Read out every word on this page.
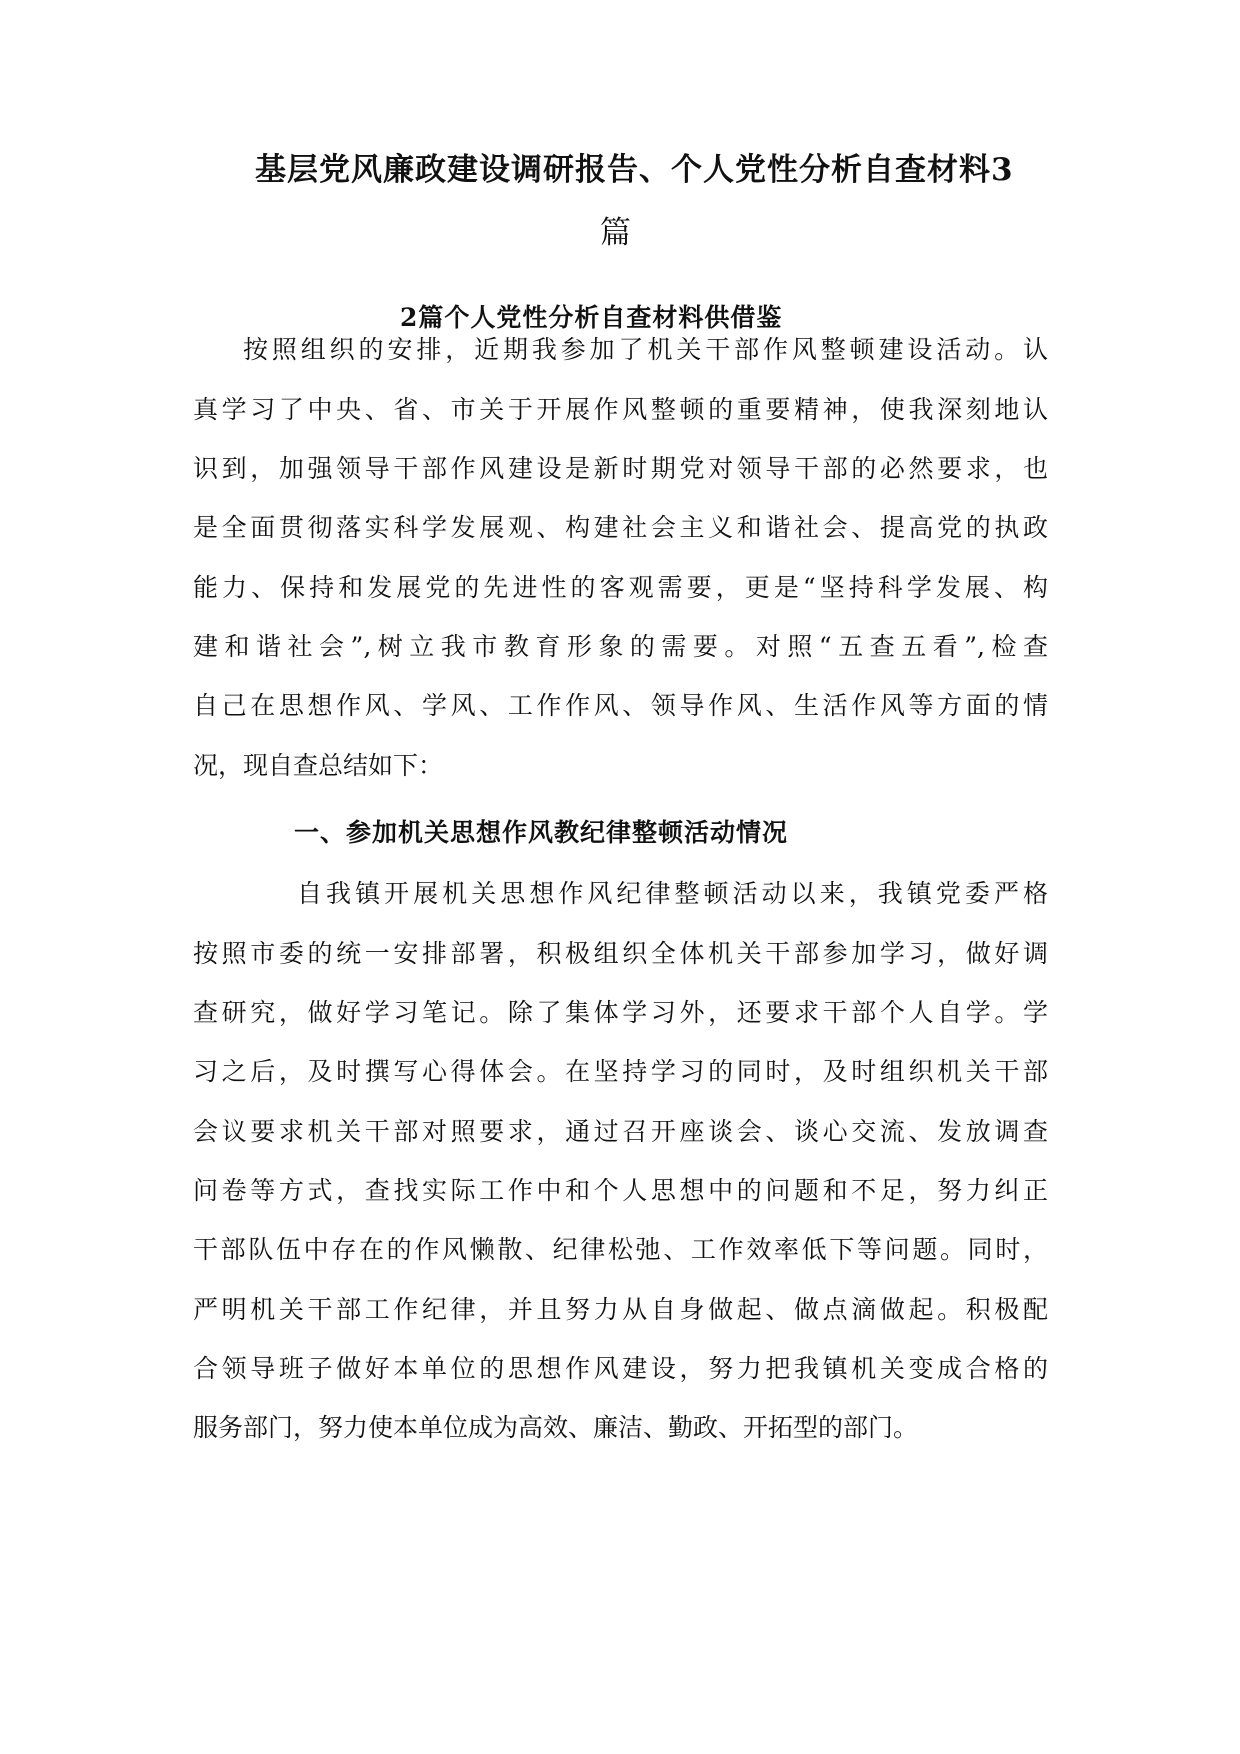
基层党风廉政建设调研报告、个人党性分析自查材料3
篇
2篇个人党性分析自查材料供借鉴
按照组织的安排，近期我参加了机关干部作风整顿建设活动。认
真学习了中央、省、市关于开展作风整顿的重要精神，使我深刻地认
识到，加强领导干部作风建设是新时期党对领导干部的必然要求，也
是全面贯彻落实科学发展观、构建社会主义和谐社会、提高党的执政
能力、保持和发展党的先进性的客观需要，更是“坚持科学发展、构
建和谐社会”,树立我市教育形象的需要。对照“五查五看”,检查
自己在思想作风、学风、工作作风、领导作风、生活作风等方面的情
况，现自查总结如下：
一、参加机关思想作风教纪律整顿活动情况
自我镇开展机关思想作风纪律整顿活动以来，我镇党委严格
按照市委的统一安排部署，积极组织全体机关干部参加学习，做好调
查研究，做好学习笔记。除了集体学习外，还要求干部个人自学。学
习之后，及时撰写心得体会。在坚持学习的同时，及时组织机关干部
会议要求机关干部对照要求，通过召开座谈会、谈心交流、发放调查
问卷等方式，查找实际工作中和个人思想中的问题和不足，努力纠正
干部队伍中存在的作风懒散、纪律松弛、工作效率低下等问题。同时，
严明机关干部工作纪律，并且努力从自身做起、做点滴做起。积极配
合领导班子做好本单位的思想作风建设，努力把我镇机关变成合格的
服务部门，努力使本单位成为高效、廉洁、勤政、开拓型的部门。
